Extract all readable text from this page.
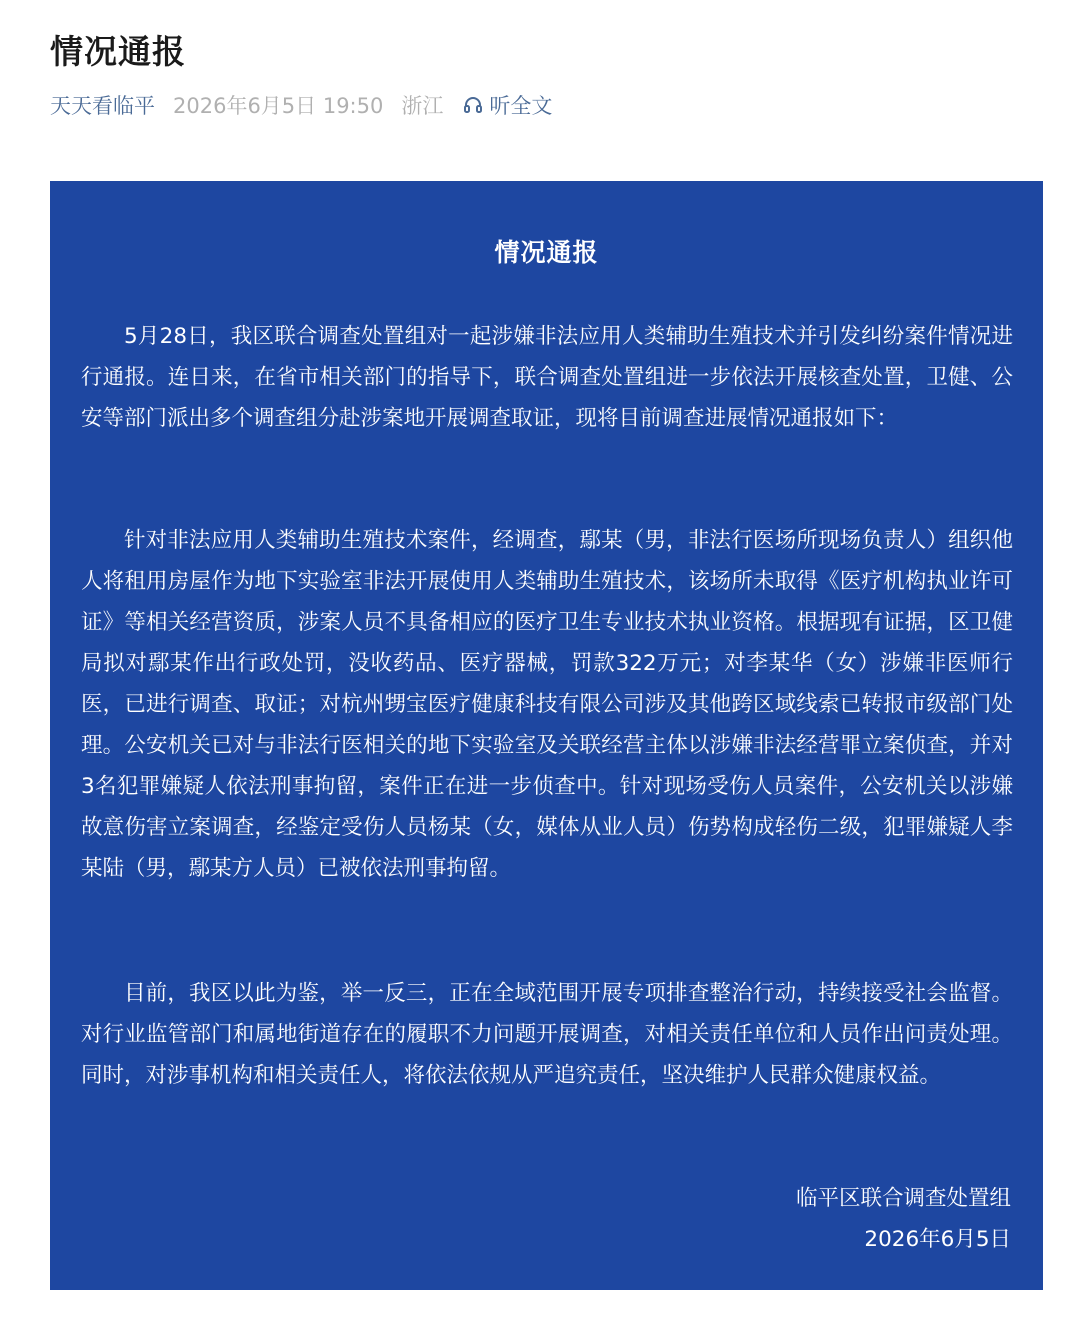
情况通报
天天看临平 2026年6月5日 19:50 浙江 听全文
情况通报

5月28日，我区联合调查处置组对一起涉嫌非法应用人类辅助生殖技术并引发纠纷案件情况进行通报。连日来，在省市相关部门的指导下，联合调查处置组进一步依法开展核查处置，卫健、公安等部门派出多个调查组分赴涉案地开展调查取证，现将目前调查进展情况通报如下：

针对非法应用人类辅助生殖技术案件，经调查，鄢某（男，非法行医场所现场负责人）组织他人将租用房屋作为地下实验室非法开展使用人类辅助生殖技术，该场所未取得《医疗机构执业许可证》等相关经营资质，涉案人员不具备相应的医疗卫生专业技术执业资格。根据现有证据，区卫健局拟对鄢某作出行政处罚，没收药品、医疗器械，罚款322万元；对李某华（女）涉嫌非医师行医，已进行调查、取证；对杭州甥宝医疗健康科技有限公司涉及其他跨区域线索已转报市级部门处理。公安机关已对与非法行医相关的地下实验室及关联经营主体以涉嫌非法经营罪立案侦查，并对3名犯罪嫌疑人依法刑事拘留，案件正在进一步侦查中。针对现场受伤人员案件，公安机关以涉嫌故意伤害立案调查，经鉴定受伤人员杨某（女，媒体从业人员）伤势构成轻伤二级，犯罪嫌疑人李某陆（男，鄢某方人员）已被依法刑事拘留。

目前，我区以此为鉴，举一反三，正在全域范围开展专项排查整治行动，持续接受社会监督。对行业监管部门和属地街道存在的履职不力问题开展调查，对相关责任单位和人员作出问责处理。同时，对涉事机构和相关责任人，将依法依规从严追究责任，坚决维护人民群众健康权益。

临平区联合调查处置组
2026年6月5日
